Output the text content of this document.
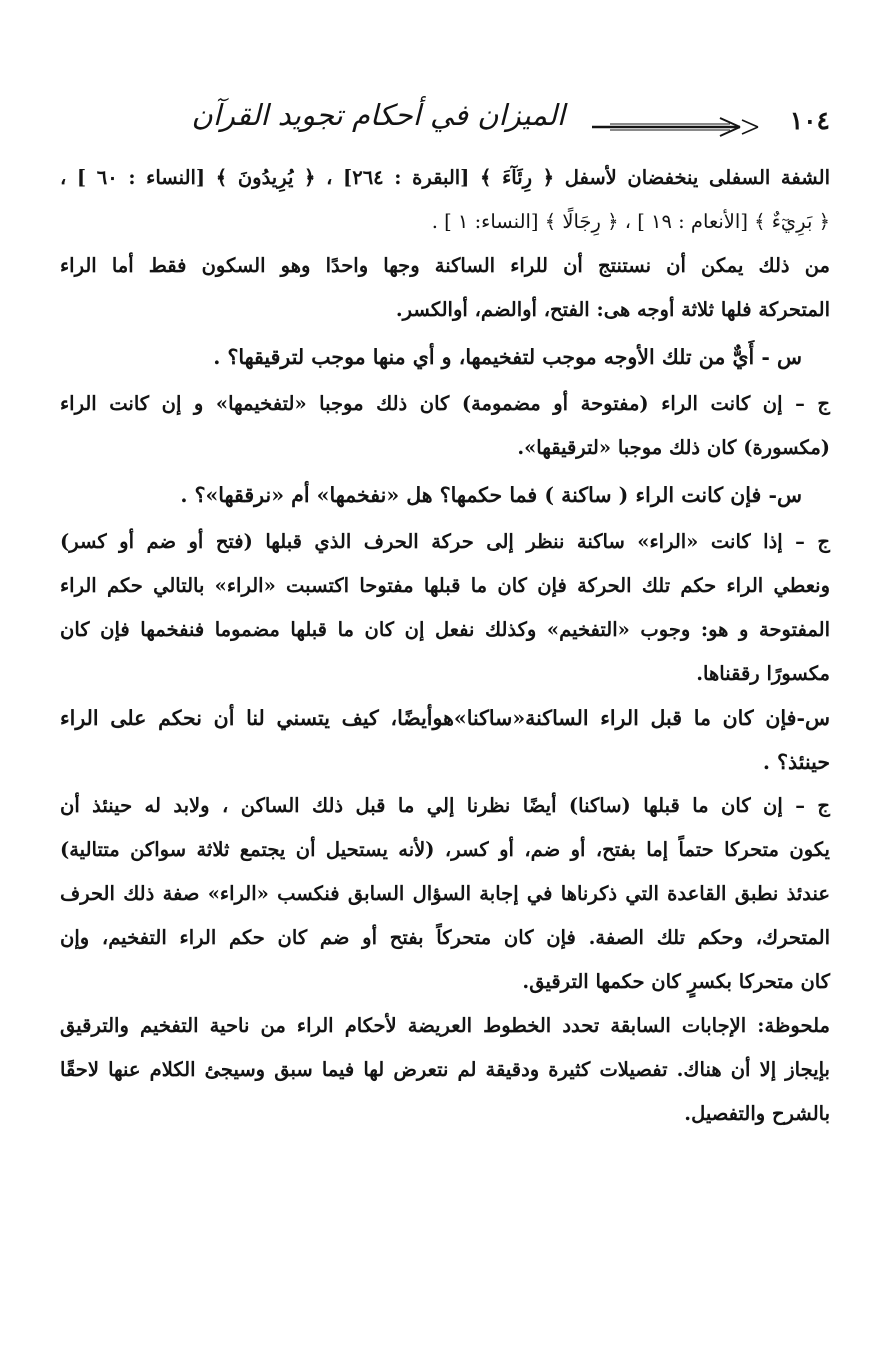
١٠٤
الميزان في أحكام تجويد القرآن
الشفة السفلى ينخفضان لأسفل ﴿ رِئَآءَ ﴾ [البقرة : ٢٦٤] ، ﴿ يُرِيدُونَ ﴾ [النساء : ٦٠ ] ،
﴿ بَرِيٓءٌ ﴾ [الأنعام : ١٩ ] ، ﴿ رِجَالًا ﴾ [النساء: ١ ] .
من ذلك يمكن أن نستنتج أن للراء الساكنة وجها واحدًا وهو السكون فقط أما الراء
المتحركة فلها ثلاثة أوجه هى: الفتح، أوالضم، أوالكسر.

س - أَيٌّ من تلك الأوجه موجب لتفخيمها، و أي منها موجب لترقيقها؟ .

ج – إن كانت الراء (مفتوحة أو مضمومة) كان ذلك موجبا «لتفخيمها» و إن كانت الراء
(مكسورة) كان ذلك موجبا «لترقيقها».

س- فإن كانت الراء ( ساكنة ) فما حكمها؟ هل «نفخمها» أم «نرققها»؟ .

ج – إذا كانت «الراء» ساكنة ننظر إلى حركة الحرف الذي قبلها (فتح أو ضم أو كسر)
ونعطي الراء حكم تلك الحركة فإن كان ما قبلها مفتوحا اكتسبت «الراء» بالتالي حكم الراء
المفتوحة و هو: وجوب «التفخيم» وكذلك نفعل إن كان ما قبلها مضموما فنفخمها فإن كان
مكسورًا رققناها.
س-فإن كان ما قبل الراء الساكنة«ساكنا»هوأيضًا، كيف يتسني لنا أن نحكم على الراء
حينئذ؟ .
ج – إن كان ما قبلها (ساكنا) أيضًا نظرنا إلي ما قبل ذلك الساكن ، ولابد له حينئذ أن
يكون متحركا حتماً إما بفتح، أو ضم، أو كسر، (لأنه يستحيل أن يجتمع ثلاثة سواكن متتالية)
عندئذ نطبق القاعدة التي ذكرناها في إجابة السؤال السابق فنكسب «الراء» صفة ذلك الحرف
المتحرك، وحكم تلك الصفة. فإن كان متحركاً بفتح أو ضم كان حكم الراء التفخيم، وإن
كان متحركا بكسرٍ كان حكمها الترقيق.
ملحوظة: الإجابات السابقة تحدد الخطوط العريضة لأحكام الراء من ناحية التفخيم والترقيق
بإيجاز إلا أن هناك. تفصيلات كثيرة ودقيقة لم نتعرض لها فيما سبق وسيجئ الكلام عنها لاحقًا
بالشرح والتفصيل.
